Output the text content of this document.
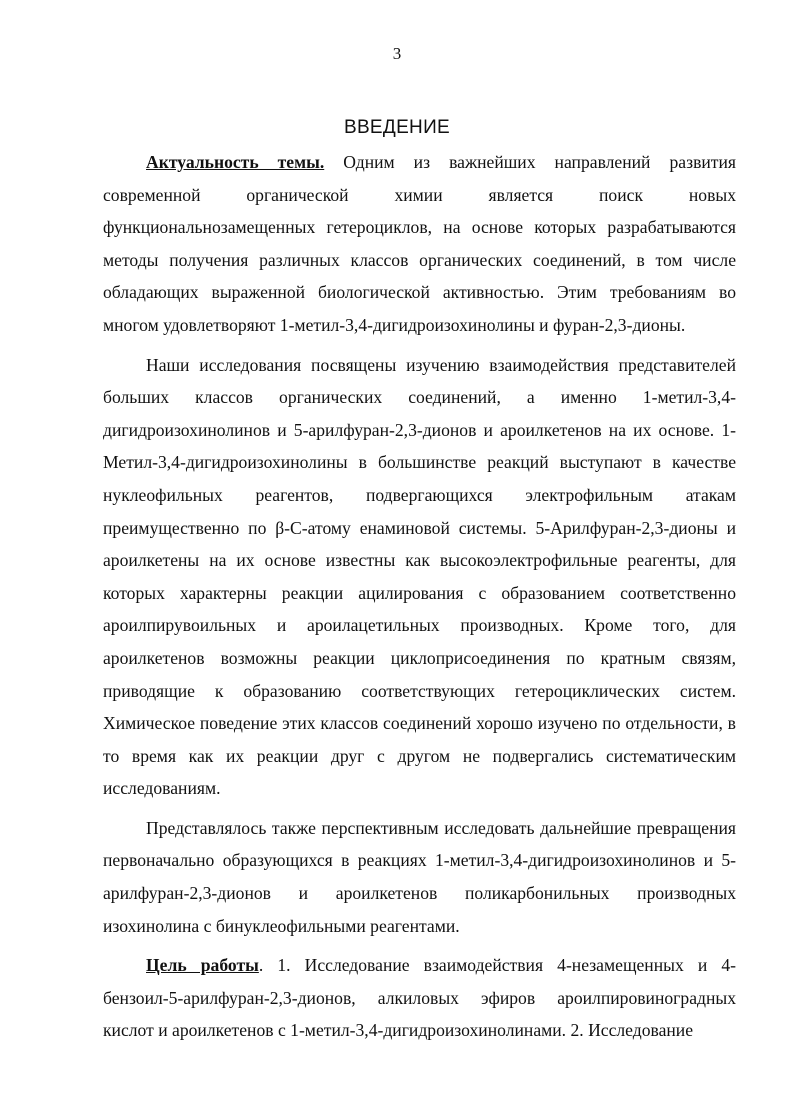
3
ВВЕДЕНИЕ

Актуальность темы. Одним из важнейших направлений развития современной органической химии является поиск новых функциональнозамещенных гетероциклов, на основе которых разрабатываются методы получения различных классов органических соединений, в том числе обладающих выраженной биологической активностью. Этим требованиям во многом удовлетворяют 1-метил-3,4-дигидроизохинолины и фуран-2,3-дионы.

Наши исследования посвящены изучению взаимодействия представителей больших классов органических соединений, а именно 1-метил-3,4-дигидроизохинолинов и 5-арилфуран-2,3-дионов и ароилкетенов на их основе. 1-Метил-3,4-дигидроизохинолины в большинстве реакций выступают в качестве нуклеофильных реагентов, подвергающихся электрофильным атакам преимущественно по β-С-атому енаминовой системы. 5-Арилфуран-2,3-дионы и ароилкетены на их основе известны как высокоэлектрофильные реагенты, для которых характерны реакции ацилирования с образованием соответственно ароилпирувоильных и ароилацетильных производных. Кроме того, для ароилкетенов возможны реакции циклоприсоединения по кратным связям, приводящие к образованию соответствующих гетероциклических систем. Химическое поведение этих классов соединений хорошо изучено по отдельности, в то время как их реакции друг с другом не подвергались систематическим исследованиям.

Представлялось также перспективным исследовать дальнейшие превращения первоначально образующихся в реакциях 1-метил-3,4-дигидроизохинолинов и 5-арилфуран-2,3-дионов и ароилкетенов поликарбонильных производных изохинолина с бинуклеофильными реагентами.

Цель работы. 1. Исследование взаимодействия 4-незамещенных и 4-бензоил-5-арилфуран-2,3-дионов, алкиловых эфиров ароилпировиноградных кислот и ароилкетенов с 1-метил-3,4-дигидроизохинолинами. 2. Исследование
